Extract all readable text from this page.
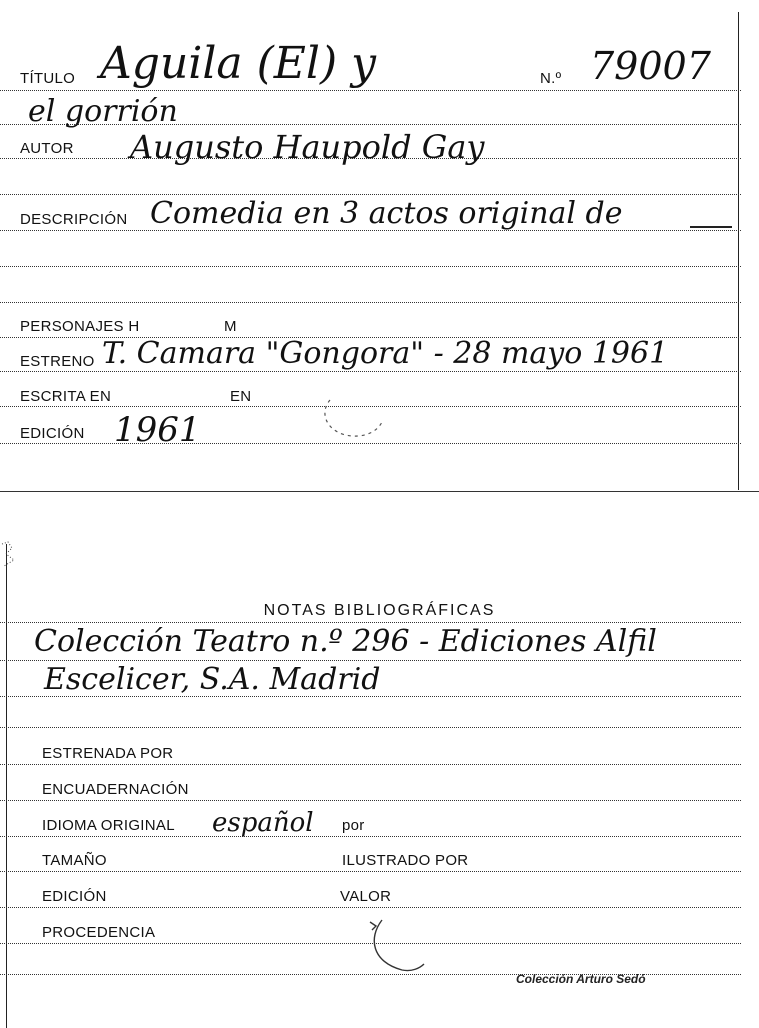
TÍTULO Aguila (El) y	N.º 79007
el gorrión
AUTOR Augusto Haupold Gay
DESCRIPCIÓN Comedia en 3 actos original de
PERSONAJES H	M
ESTRENO T. Camara "Gongora" - 28 mayo 1961
ESCRITA EN	EN
EDICIÓN 1961
NOTAS BIBLIOGRÁFICAS
Colección Teatro n.º 296 - Ediciones Alfil
Escelicer, S.A. Madrid
ESTRENADA POR
ENCUADERNACIÓN
IDIOMA ORIGINAL español por
TAMAÑO	ILUSTRADO POR
EDICIÓN	VALOR
PROCEDENCIA
Colección Arturo Sedó
